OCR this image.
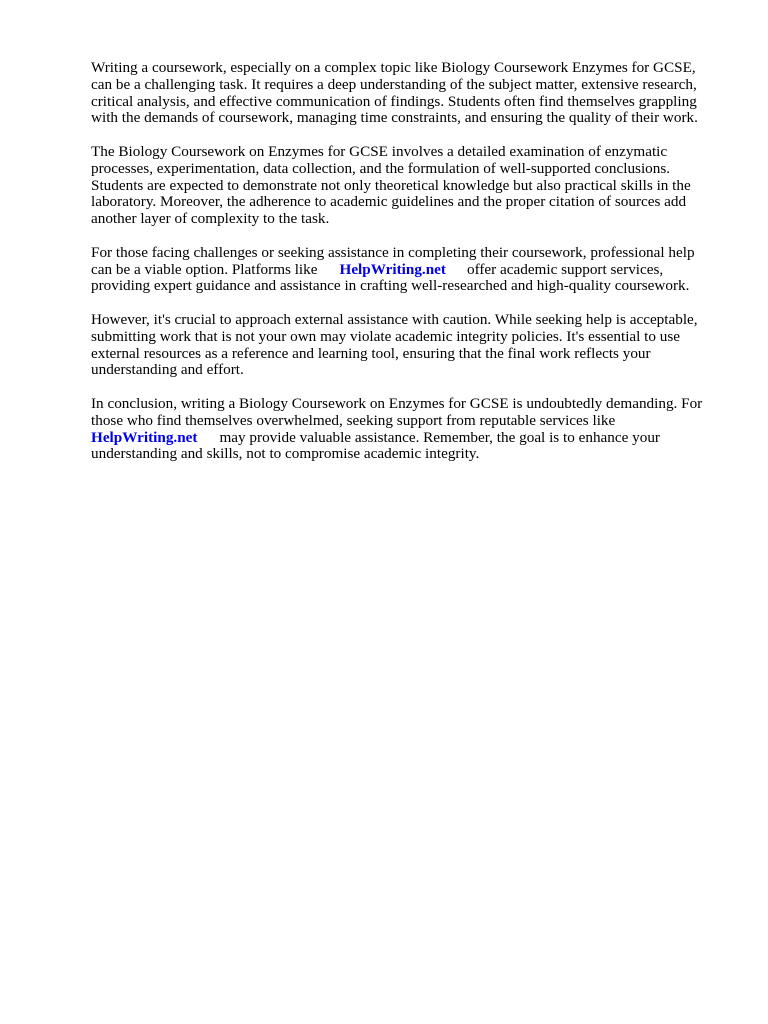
Writing a coursework, especially on a complex topic like Biology Coursework Enzymes for GCSE,
can be a challenging task. It requires a deep understanding of the subject matter, extensive research,
critical analysis, and effective communication of findings. Students often find themselves grappling
with the demands of coursework, managing time constraints, and ensuring the quality of their work.

The Biology Coursework on Enzymes for GCSE involves a detailed examination of enzymatic
processes, experimentation, data collection, and the formulation of well-supported conclusions.
Students are expected to demonstrate not only theoretical knowledge but also practical skills in the
laboratory. Moreover, the adherence to academic guidelines and the proper citation of sources add
another layer of complexity to the task.

For those facing challenges or seeking assistance in completing their coursework, professional help
can be a viable option. Platforms like HelpWriting.net offer academic support services,
providing expert guidance and assistance in crafting well-researched and high-quality coursework.

However, it's crucial to approach external assistance with caution. While seeking help is acceptable,
submitting work that is not your own may violate academic integrity policies. It's essential to use
external resources as a reference and learning tool, ensuring that the final work reflects your
understanding and effort.

In conclusion, writing a Biology Coursework on Enzymes for GCSE is undoubtedly demanding. For
those who find themselves overwhelmed, seeking support from reputable services like
HelpWriting.net may provide valuable assistance. Remember, the goal is to enhance your
understanding and skills, not to compromise academic integrity.
